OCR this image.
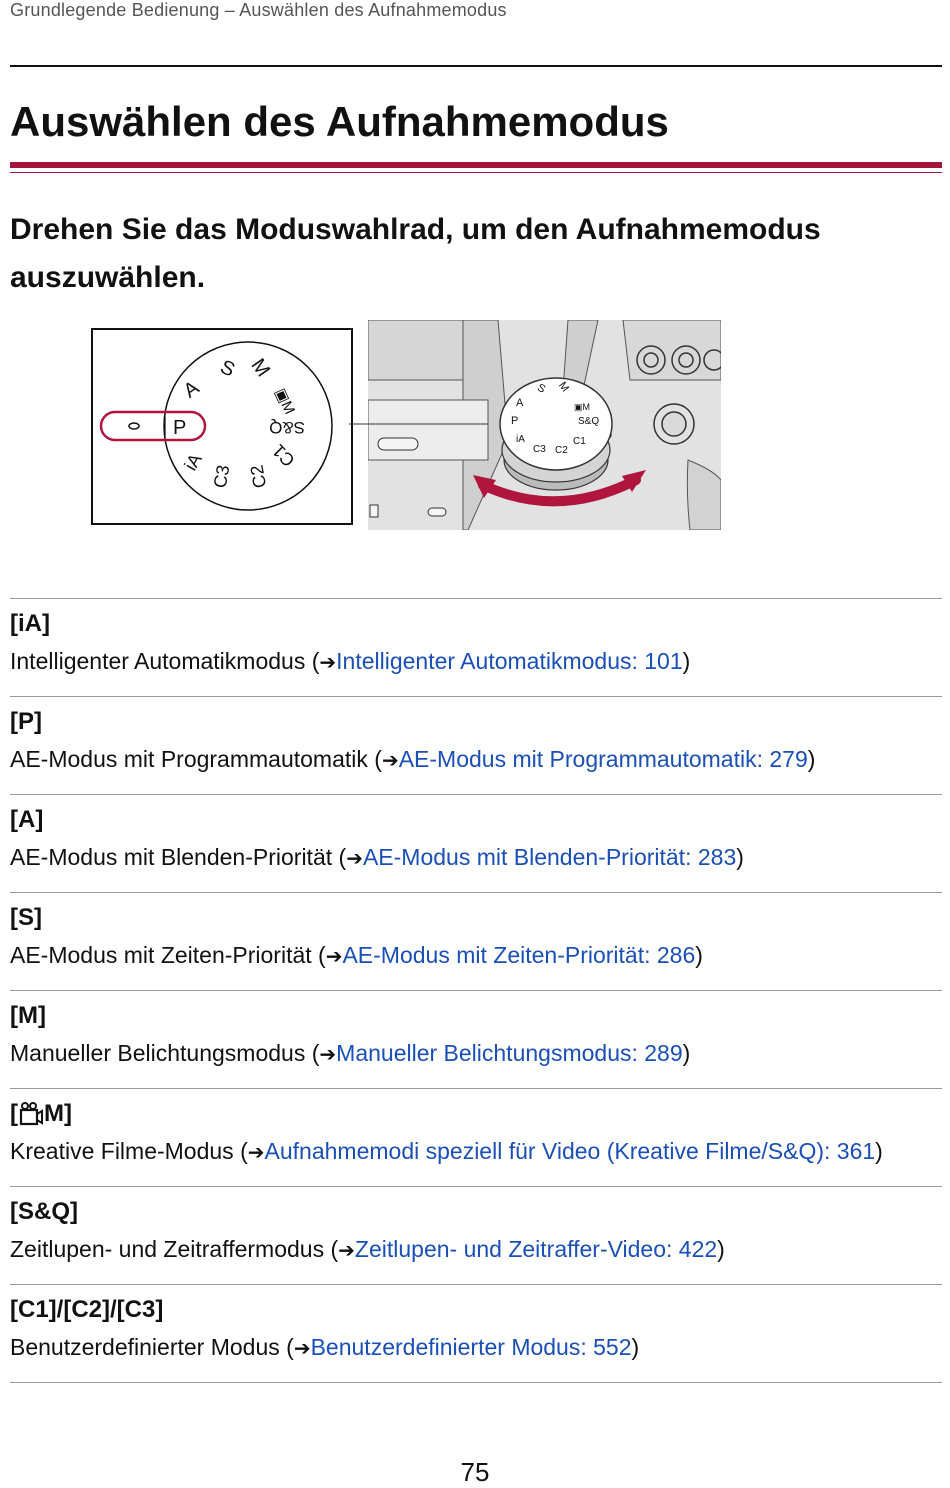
Grundlegende Bedienung – Auswählen des Aufnahmemodus
Auswählen des Aufnahmemodus

Drehen Sie das Moduswahlrad, um den Aufnahmemodus auszuwählen.

S M
▣M
S&Q
C1
C2
C3
iA
P
A	S M
▣M
S&Q
C1
C2
C3
iA
P
A
[iA]
Intelligenter Automatikmodus (➔Intelligenter Automatikmodus: 101)
[P]
AE-Modus mit Programmautomatik (➔AE-Modus mit Programmautomatik: 279)
[A]
AE-Modus mit Blenden-Priorität (➔AE-Modus mit Blenden-Priorität: 283)
[S]
AE-Modus mit Zeiten-Priorität (➔AE-Modus mit Zeiten-Priorität: 286)
[M]
Manueller Belichtungsmodus (➔Manueller Belichtungsmodus: 289)
[ M]
Kreative Filme-Modus (➔Aufnahmemodi speziell für Video (Kreative Filme/S&Q): 361)
[S&Q]
Zeitlupen- und Zeitraffermodus (➔Zeitlupen- und Zeitraffer-Video: 422)
[C1]/[C2]/[C3]
Benutzerdefinierter Modus (➔Benutzerdefinierter Modus: 552)
75
